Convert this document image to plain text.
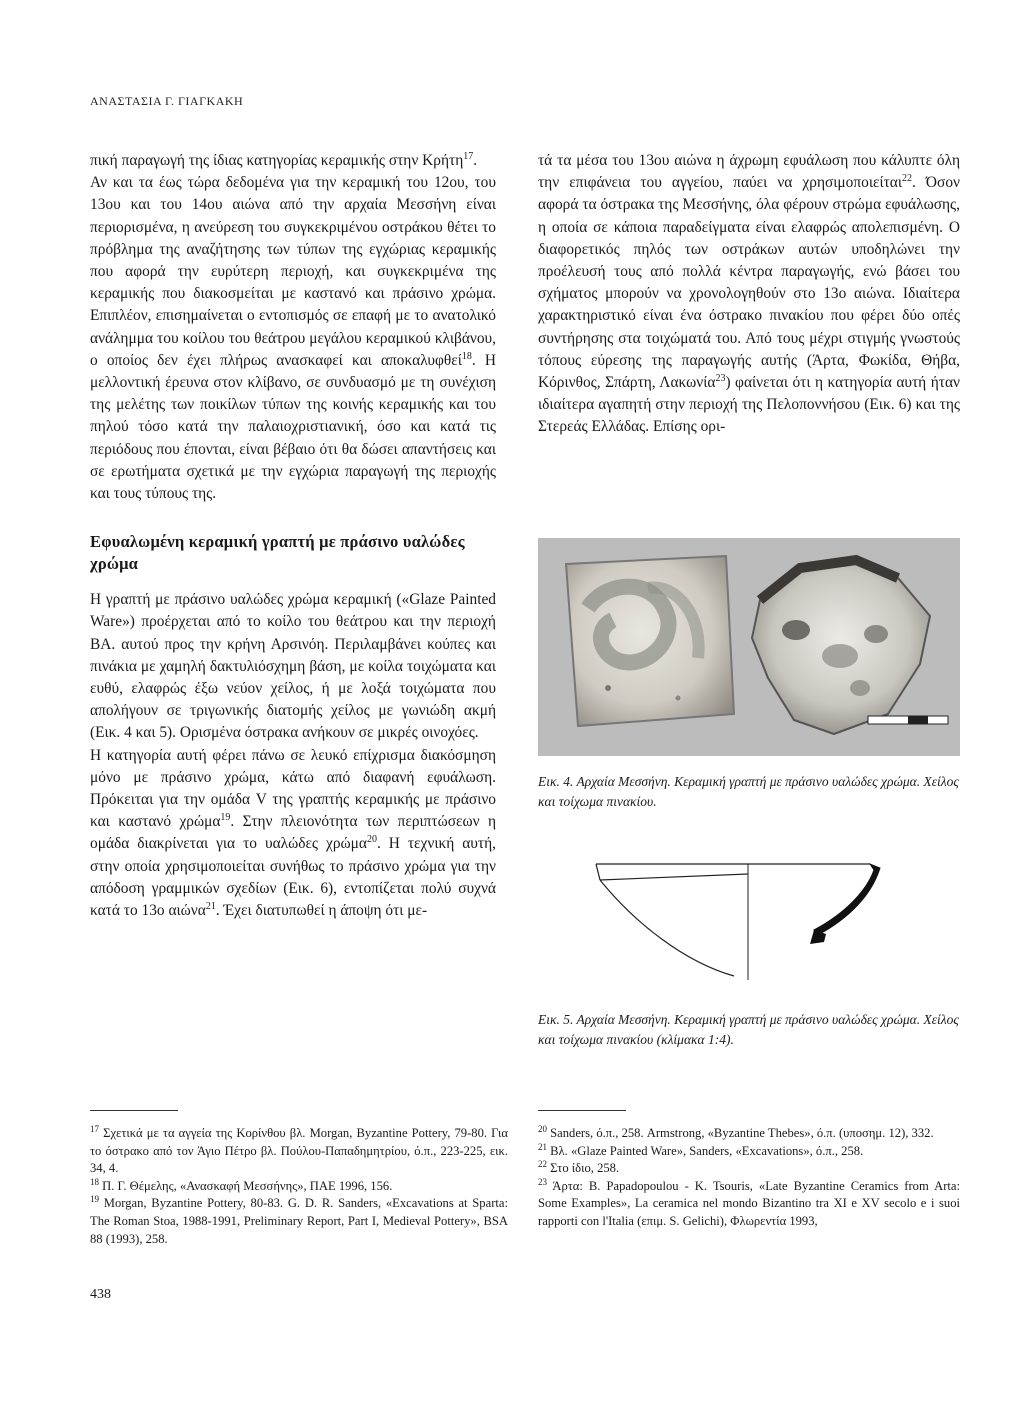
ΑΝΑΣΤΑΣΙΑ Γ. ΓΙΑΓΚΑΚΗ

πική παραγωγή της ίδιας κατηγορίας κεραμικής στην Κρήτη$^{17}$.

Αν και τα έως τώρα δεδομένα για την κεραμική του 12ου, του 13ου και του 14ου αιώνα από την αρχαία Μεσσήνη είναι περιορισμένα, η ανεύρεση του συγκεκριμένου οστράκου θέτει το πρόβλημα της αναζήτησης των τύπων της εγχώριας κεραμικής που αφορά την ευρύτερη περιοχή, και συγκεκριμένα της κεραμικής που διακοσμείται με καστανό και πράσινο χρώμα. Επιπλέον, επισημαίνεται ο εντοπισμός σε επαφή με το ανατολικό ανάλημμα του κοίλου του θεάτρου μεγάλου κεραμικού κλιβάνου, ο οποίος δεν έχει πλήρως ανασκαφεί και αποκαλυφθεί$^{18}$. Η μελλοντική έρευνα στον κλίβανο, σε συνδυασμό με τη συνέχιση της μελέτης των ποικίλων τύπων της κοινής κεραμικής και του πηλού τόσο κατά την παλαιοχριστιανική, όσο και κατά τις περιόδους που έπονται, είναι βέβαιο ότι θα δώσει απαντήσεις και σε ερωτήματα σχετικά με την εγχώρια παραγωγή της περιοχής και τους τύπους της.

Εφυαλωμένη κεραμική γραπτή με πράσινο υαλώδες χρώμα

Η γραπτή με πράσινο υαλώδες χρώμα κεραμική («Glaze Painted Ware») προέρχεται από το κοίλο του θεάτρου και την περιοχή ΒΑ. αυτού προς την κρήνη Αρσινόη. Περιλαμβάνει κούπες και πινάκια με χαμηλή δακτυλιόσχημη βάση, με κοίλα τοιχώματα και ευθύ, ελαφρώς έξω νεύον χείλος, ή με λοξά τοιχώματα που απολήγουν σε τριγωνικής διατομής χείλος με γωνιώδη ακμή (Εικ. 4 και 5). Ορισμένα όστρακα ανήκουν σε μικρές οινοχόες.

Η κατηγορία αυτή φέρει πάνω σε λευκό επίχρισμα διακόσμηση μόνο με πράσινο χρώμα, κάτω από διαφανή εφυάλωση. Πρόκειται για την ομάδα V της γραπτής κεραμικής με πράσινο και καστανό χρώμα$^{19}$. Στην πλειονότητα των περιπτώσεων η ομάδα διακρίνεται για το υαλώδες χρώμα$^{20}$. Η τεχνική αυτή, στην οποία χρησιμοποιείται συνήθως το πράσινο χρώμα για την απόδοση γραμμικών σχεδίων (Εικ. 6), εντοπίζεται πολύ συχνά κατά το 13ο αιώνα$^{21}$. Έχει διατυπωθεί η άποψη ότι με-

τά τα μέσα του 13ου αιώνα η άχρωμη εφυάλωση που κάλυπτε όλη την επιφάνεια του αγγείου, παύει να χρησιμοποιείται$^{22}$. Όσον αφορά τα όστρακα της Μεσσήνης, όλα φέρουν στρώμα εφυάλωσης, η οποία σε κάποια παραδείγματα είναι ελαφρώς απολεπισμένη. Ο διαφορετικός πηλός των οστράκων αυτών υποδηλώνει την προέλευσή τους από πολλά κέντρα παραγωγής, ενώ βάσει του σχήματος μπορούν να χρονολογηθούν στο 13ο αιώνα. Ιδιαίτερα χαρακτηριστικό είναι ένα όστρακο πινακίου που φέρει δύο οπές συντήρησης στα τοιχώματά του. Από τους μέχρι στιγμής γνωστούς τόπους εύρεσης της παραγωγής αυτής (Άρτα, Φωκίδα, Θήβα, Κόρινθος, Σπάρτη, Λακωνία$^{23}$) φαίνεται ότι η κατηγορία αυτή ήταν ιδιαίτερα αγαπητή στην περιοχή της Πελοποννήσου (Εικ. 6) και της Στερεάς Ελλάδας. Επίσης ορι-

Εικ. 4. Αρχαία Μεσσήνη. Κεραμική γραπτή με πράσινο υαλώδες χρώμα. Χείλος και τοίχωμα πινακίου.
Εικ. 5. Αρχαία Μεσσήνη. Κεραμική γραπτή με πράσινο υαλώδες χρώμα. Χείλος και τοίχωμα πινακίου (κλίμακα 1:4).

$^{17}$ Σχετικά με τα αγγεία της Κορίνθου βλ. Morgan, Byzantine Pottery, 79-80. Για το όστρακο από τον Άγιο Πέτρο βλ. Πούλου-Παπαδημητρίου, ό.π., 223-225, εικ. 34, 4.

$^{18}$ Π. Γ. Θέμελης, «Ανασκαφή Μεσσήνης», ΠΑΕ 1996, 156.

$^{19}$ Morgan, Byzantine Pottery, 80-83. G. D. R. Sanders, «Excavations at Sparta: The Roman Stoa, 1988-1991, Preliminary Report, Part I, Medieval Pottery», BSA 88 (1993), 258.

$^{20}$ Sanders, ό.π., 258. Armstrong, «Byzantine Thebes», ό.π. (υποσημ. 12), 332.

$^{21}$ Βλ. «Glaze Painted Ware», Sanders, «Excavations», ό.π., 258.

$^{22}$ Στο ίδιο, 258.

$^{23}$ Άρτα: B. Papadopoulou - K. Tsouris, «Late Byzantine Ceramics from Arta: Some Examples», La ceramica nel mondo Bizantino tra XI e XV secolo e i suoi rapporti con l'Italia (επιμ. S. Gelichi), Φλωρεντία 1993,

438
